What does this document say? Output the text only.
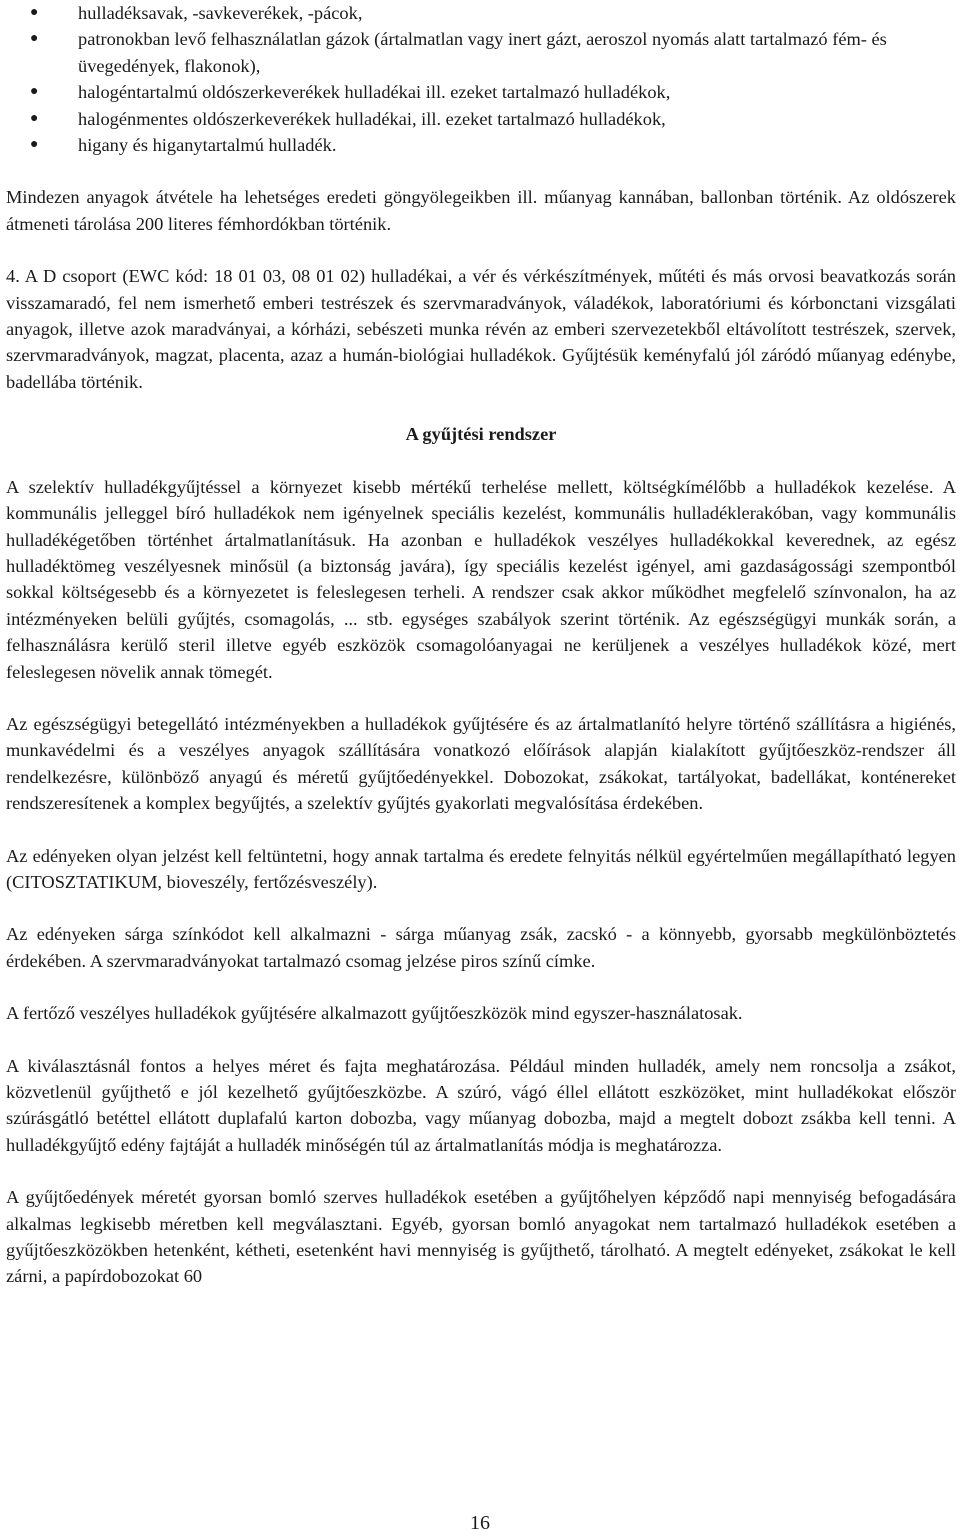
● hulladéksavak, -savkeverékek, -pácok,
● patronokban levő felhasználatlan gázok (ártalmatlan vagy inert gázt, aeroszol nyomás alatt tartalmazó fém- és üvegedények, flakonok),
● halogéntartalmú oldószerkeverékek hulladékai ill. ezeket tartalmazó hulladékok,
● halogénmentes oldószerkeverékek hulladékai, ill. ezeket tartalmazó hulladékok,
● higany és higanytartalmú hulladék.

Mindezen anyagok átvétele ha lehetséges eredeti göngyölegeikben ill. műanyag kannában, ballonban történik. Az oldószerek átmeneti tárolása 200 literes fémhordókban történik.

4. A D csoport (EWC kód: 18 01 03, 08 01 02) hulladékai, a vér és vérkészítmények, műtéti és más orvosi beavatkozás során visszamaradó, fel nem ismerhető emberi testrészek és szervmaradványok, váladékok, laboratóriumi és kórbonctani vizsgálati anyagok, illetve azok maradványai, a kórházi, sebészeti munka révén az emberi szervezetekből eltávolított testrészek, szervek, szervmaradványok, magzat, placenta, azaz a humán-biológiai hulladékok. Gyűjtésük keményfalú jól záródó műanyag edénybe, badellába történik.

A gyűjtési rendszer

A szelektív hulladékgyűjtéssel a környezet kisebb mértékű terhelése mellett, költségkímélőbb a hulladékok kezelése. A kommunális jelleggel bíró hulladékok nem igényelnek speciális kezelést, kommunális hulladéklerakóban, vagy kommunális hulladékégetőben történhet ártalmatlanításuk. Ha azonban e hulladékok veszélyes hulladékokkal keverednek, az egész hulladéktömeg veszélyesnek minősül (a biztonság javára), így speciális kezelést igényel, ami gazdaságossági szempontból sokkal költségesebb és a környezetet is feleslegesen terheli. A rendszer csak akkor működhet megfelelő színvonalon, ha az intézményeken belüli gyűjtés, csomagolás, ... stb. egységes szabályok szerint történik. Az egészségügyi munkák során, a felhasználásra kerülő steril illetve egyéb eszközök csomagolóanyagai ne kerüljenek a veszélyes hulladékok közé, mert feleslegesen növelik annak tömegét.

Az egészségügyi betegellátó intézményekben a hulladékok gyűjtésére és az ártalmatlanító helyre történő szállításra a higiénés, munkavédelmi és a veszélyes anyagok szállítására vonatkozó előírások alapján kialakított gyűjtőeszköz-rendszer áll rendelkezésre, különböző anyagú és méretű gyűjtőedényekkel. Dobozokat, zsákokat, tartályokat, badellákat, konténereket rendszeresítenek a komplex begyűjtés, a szelektív gyűjtés gyakorlati megvalósítása érdekében.

Az edényeken olyan jelzést kell feltüntetni, hogy annak tartalma és eredete felnyitás nélkül egyértelműen megállapítható legyen (CITOSZTATIKUM, bioveszély, fertőzésveszély).

Az edényeken sárga színkódot kell alkalmazni - sárga műanyag zsák, zacskó - a könnyebb, gyorsabb megkülönböztetés érdekében. A szervmaradványokat tartalmazó csomag jelzése piros színű címke.

A fertőző veszélyes hulladékok gyűjtésére alkalmazott gyűjtőeszközök mind egyszer-használatosak.

A kiválasztásnál fontos a helyes méret és fajta meghatározása. Például minden hulladék, amely nem roncsolja a zsákot, közvetlenül gyűjthető e jól kezelhető gyűjtőeszközbe. A szúró, vágó éllel ellátott eszközöket, mint hulladékokat először szúrásgátló betéttel ellátott duplafalú karton dobozba, vagy műanyag dobozba, majd a megtelt dobozt zsákba kell tenni. A hulladékgyűjtő edény fajtáját a hulladék minőségén túl az ártalmatlanítás módja is meghatározza.

A gyűjtőedények méretét gyorsan bomló szerves hulladékok esetében a gyűjtőhelyen képződő napi mennyiség befogadására alkalmas legkisebb méretben kell megválasztani. Egyéb, gyorsan bomló anyagokat nem tartalmazó hulladékok esetében a gyűjtőeszközökben hetenként, kétheti, esetenként havi mennyiség is gyűjthető, tárolható. A megtelt edényeket, zsákokat le kell zárni, a papírdobozokat 60

16
